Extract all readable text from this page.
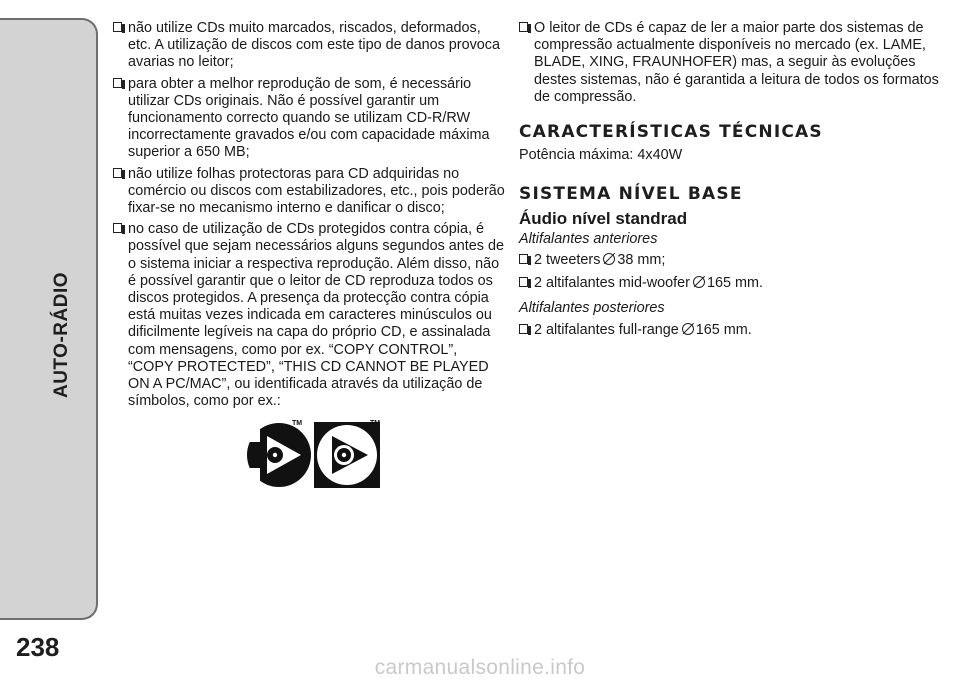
AUTO-RÁDIO
238
não utilize CDs muito marcados, riscados, deformados, etc. A utilização de discos com este tipo de danos provoca avarias no leitor;
para obter a melhor reprodução de som, é necessário utilizar CDs originais. Não é possível garantir um funcionamento correcto quando se utilizam CD-R/RW incorrectamente gravados e/ou com capacidade máxima superior a 650 MB;
não utilize folhas protectoras para CD adquiridas no comércio ou discos com estabilizadores, etc., pois poderão fixar-se no mecanismo interno e danificar o disco;
no caso de utilização de CDs protegidos contra cópia, é possível que sejam necessários alguns segundos antes de o sistema iniciar a respectiva reprodução. Além disso, não é possível garantir que o leitor de CD reproduza todos os discos protegidos. A presença da protecção contra cópia está muitas vezes indicada em caracteres minúsculos ou dificilmente legíveis na capa do próprio CD, e assinalada com mensagens, como por ex. “COPY CONTROL”, “COPY PROTECTED”, “THIS CD CANNOT BE PLAYED ON A PC/MAC”, ou identificada através da utilização de símbolos, como por ex.:
TM	TM
O leitor de CDs é capaz de ler a maior parte dos sistemas de compressão actualmente disponíveis no mercado (ex. LAME, BLADE, XING, FRAUNHOFER) mas, a seguir às evoluções destes sistemas, não é garantida a leitura de todos os formatos de compressão.
CARACTERÍSTICAS TÉCNICAS
Potência máxima: 4x40W
SISTEMA NÍVEL BASE
Áudio nível standrad
Altifalantes anteriores
2 tweeters 38 mm;
2 altifalantes mid-woofer 165 mm.
Altifalantes posteriores
2 altifalantes full-range 165 mm.
carmanualsonline.info
